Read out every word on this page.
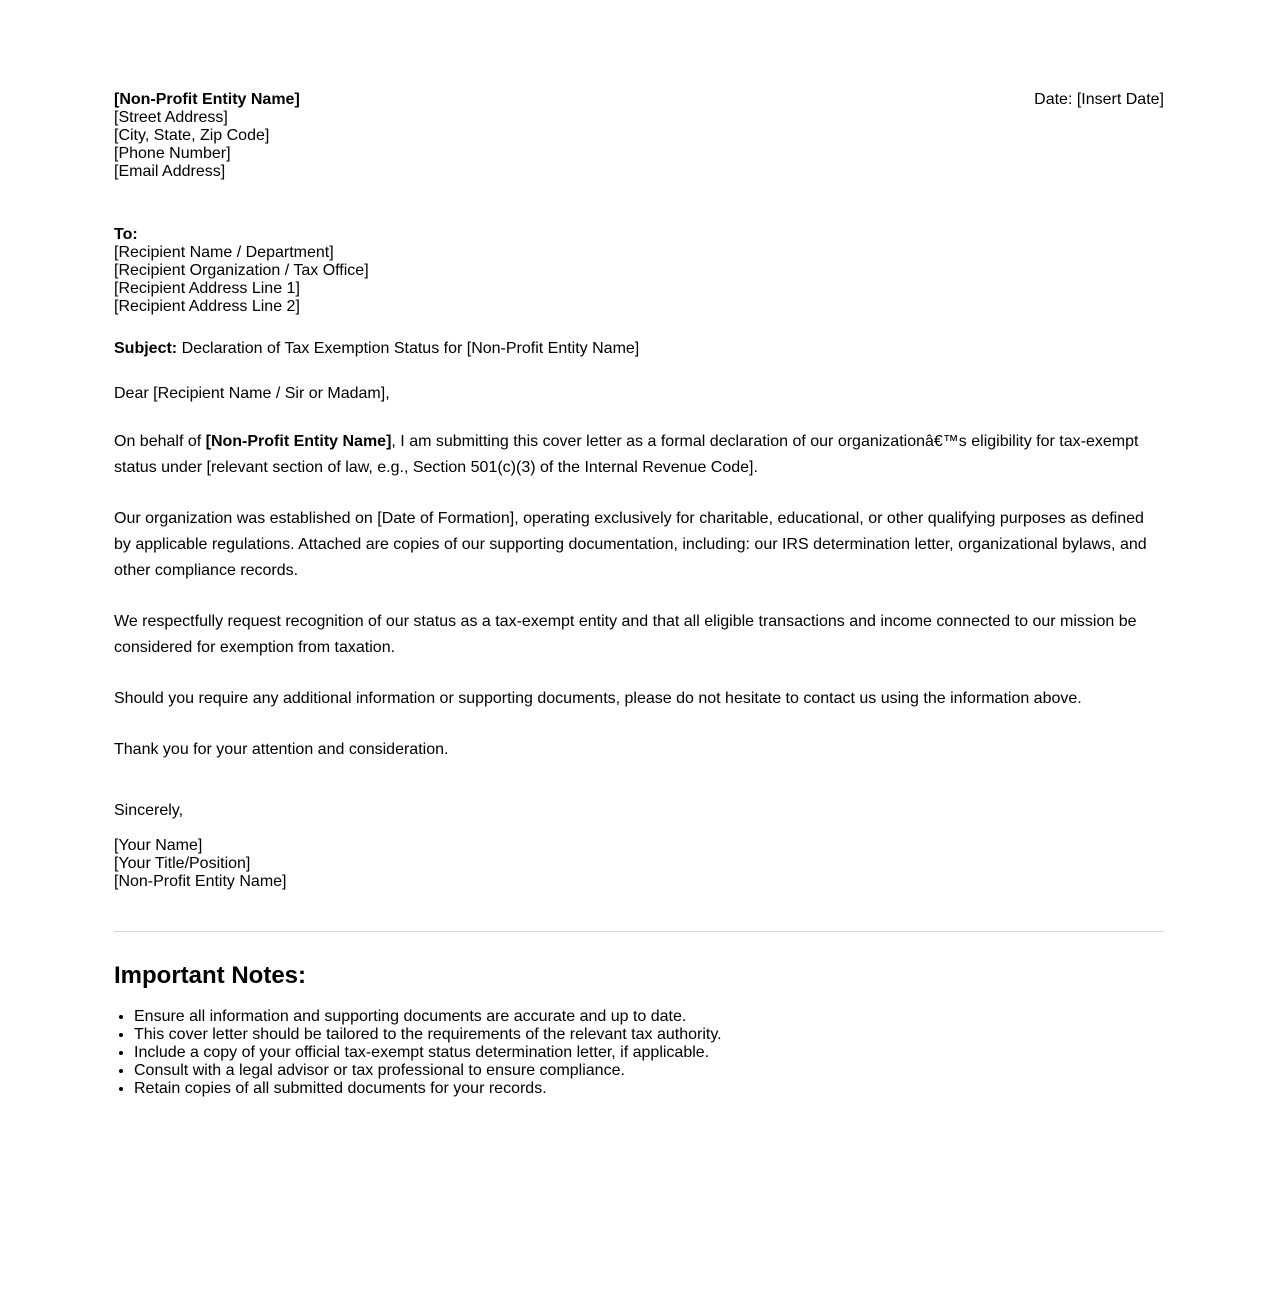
[Non-Profit Entity Name]
[Street Address]
[City, State, Zip Code]
[Phone Number]
[Email Address]
Date: [Insert Date]
To:
[Recipient Name / Department]
[Recipient Organization / Tax Office]
[Recipient Address Line 1]
[Recipient Address Line 2]
Subject: Declaration of Tax Exemption Status for [Non-Profit Entity Name]
Dear [Recipient Name / Sir or Madam],

On behalf of [Non-Profit Entity Name], I am submitting this cover letter as a formal declaration of our organizationâ€™s eligibility for tax-exempt status under [relevant section of law, e.g., Section 501(c)(3) of the Internal Revenue Code].

Our organization was established on [Date of Formation], operating exclusively for charitable, educational, or other qualifying purposes as defined by applicable regulations. Attached are copies of our supporting documentation, including: our IRS determination letter, organizational bylaws, and other compliance records.

We respectfully request recognition of our status as a tax-exempt entity and that all eligible transactions and income connected to our mission be considered for exemption from taxation.

Should you require any additional information or supporting documents, please do not hesitate to contact us using the information above.

Thank you for your attention and consideration.

Sincerely,
[Your Name]
[Your Title/Position]
[Non-Profit Entity Name]
Important Notes:
• Ensure all information and supporting documents are accurate and up to date.
• This cover letter should be tailored to the requirements of the relevant tax authority.
• Include a copy of your official tax-exempt status determination letter, if applicable.
• Consult with a legal advisor or tax professional to ensure compliance.
• Retain copies of all submitted documents for your records.
